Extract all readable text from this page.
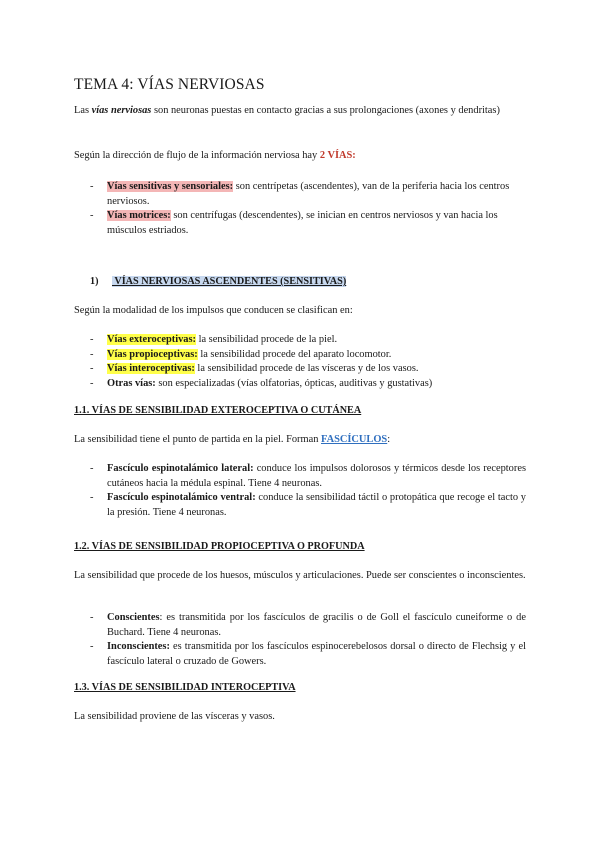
TEMA 4: VÍAS NERVIOSAS

Las vías nerviosas son neuronas puestas en contacto gracias a sus prolongaciones (axones y dendritas)

Según la dirección de flujo de la información nerviosa hay 2 VÍAS:

- Vías sensitivas y sensoriales: son centrípetas (ascendentes), van de la periferia hacia los centros nerviosos.
- Vías motrices: son centrífugas (descendentes), se inician en centros nerviosos y van hacia los músculos estriados.
1) VÍAS NERVIOSAS ASCENDENTES (SENSITIVAS)

Según la modalidad de los impulsos que conducen se clasifican en:

- Vías exteroceptivas: la sensibilidad procede de la piel.
- Vías propioceptivas: la sensibilidad procede del aparato locomotor.
- Vías interoceptivas: la sensibilidad procede de las vísceras y de los vasos.
- Otras vías: son especializadas (vías olfatorias, ópticas, auditivas y gustativas)
1.1. VÍAS DE SENSIBILIDAD EXTEROCEPTIVA O CUTÁNEA

La sensibilidad tiene el punto de partida en la piel. Forman FASCÍCULOS:

- Fascículo espinotalámico lateral: conduce los impulsos dolorosos y térmicos desde los receptores cutáneos hacia la médula espinal. Tiene 4 neuronas.
- Fascículo espinotalámico ventral: conduce la sensibilidad táctil o protopática que recoge el tacto y la presión. Tiene 4 neuronas.
1.2. VÍAS DE SENSIBILIDAD PROPIOCEPTIVA O PROFUNDA

La sensibilidad que procede de los huesos, músculos y articulaciones. Puede ser conscientes o inconscientes.

- Conscientes: es transmitida por los fascículos de gracilis o de Goll el fascículo cuneiforme o de Buchard. Tiene 4 neuronas.
- Inconscientes: es transmitida por los fascículos espinocerebelosos dorsal o directo de Flechsig y el fascículo lateral o cruzado de Gowers.
1.3. VÍAS DE SENSIBILIDAD INTEROCEPTIVA

La sensibilidad proviene de las vísceras y vasos.
